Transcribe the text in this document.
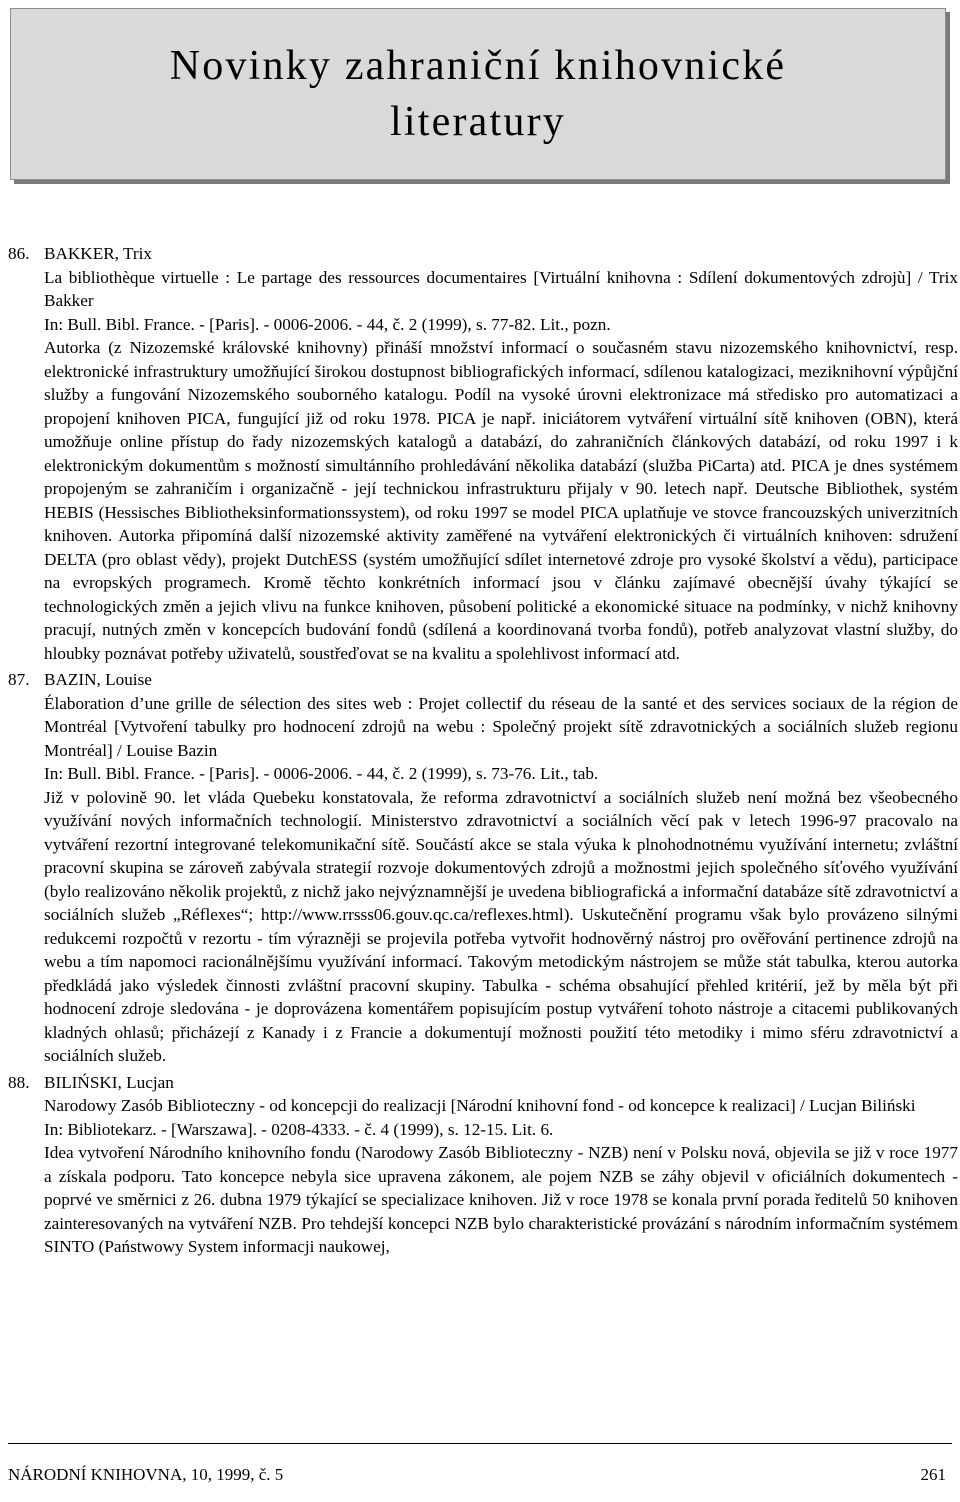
Novinky zahraniční knihovnické literatury
86. BAKKER, Trix

La bibliothèque virtuelle : Le partage des ressources documentaires [Virtuální knihovna : Sdílení dokumentových zdrojù] / Trix Bakker

In: Bull. Bibl. France. - [Paris]. - 0006-2006. - 44, č. 2 (1999), s. 77-82. Lit., pozn.

Autorka (z Nizozemské královské knihovny) přináší množství informací o současném stavu nizozemského knihovnictví, resp. elektronické infrastruktury umožňující širokou dostupnost bibliografických informací, sdílenou katalogizaci, meziknihovní výpůjční služby a fungování Nizozemského souborného katalogu. Podíl na vysoké úrovni elektronizace má středisko pro automatizaci a propojení knihoven PICA, fungující již od roku 1978. PICA je např. iniciátorem vytváření virtuální sítě knihoven (OBN), která umožňuje online přístup do řady nizozemských katalogů a databází, do zahraničních článkových databází, od roku 1997 i k elektronickým dokumentům s možností simultánního prohledávání několika databází (služba PiCarta) atd. PICA je dnes systémem propojeným se zahraničím i organizačně - její technickou infrastrukturu přijaly v 90. letech např. Deutsche Bibliothek, systém HEBIS (Hessisches Bibliotheksinformationssystem), od roku 1997 se model PICA uplatňuje ve stovce francouzských univerzitních knihoven. Autorka připomíná další nizozemské aktivity zaměřené na vytváření elektronických či virtuálních knihoven: sdružení DELTA (pro oblast vědy), projekt DutchESS (systém umožňující sdílet internetové zdroje pro vysoké školství a vědu), participace na evropských programech. Kromě těchto konkrétních informací jsou v článku zajímavé obecnější úvahy týkající se technologických změn a jejich vlivu na funkce knihoven, působení politické a ekonomické situace na podmínky, v nichž knihovny pracují, nutných změn v koncepcích budování fondů (sdílená a koordinovaná tvorba fondů), potřeb analyzovat vlastní služby, do hloubky poznávat potřeby uživatelů, soustřeďovat se na kvalitu a spolehlivost informací atd.

87. BAZIN, Louise

Élaboration d’une grille de sélection des sites web : Projet collectif du réseau de la santé et des services sociaux de la région de Montréal [Vytvoření tabulky pro hodnocení zdrojů na webu : Společný projekt sítě zdravotnických a sociálních služeb regionu Montréal] / Louise Bazin

In: Bull. Bibl. France. - [Paris]. - 0006-2006. - 44, č. 2 (1999), s. 73-76. Lit., tab.

Již v polovině 90. let vláda Quebeku konstatovala, že reforma zdravotnictví a sociálních služeb není možná bez všeobecného využívání nových informačních technologií. Ministerstvo zdravotnictví a sociálních věcí pak v letech 1996-97 pracovalo na vytváření rezortní integrované telekomunikační sítě. Součástí akce se stala výuka k plnohodnotnému využívání internetu; zvláštní pracovní skupina se zároveň zabývala strategií rozvoje dokumentových zdrojů a možnostmi jejich společného síťového využívání (bylo realizováno několik projektů, z nichž jako nejvýznamnější je uvedena bibliografická a informační databáze sítě zdravotnictví a sociálních služeb „Réflexes“; http://www.rrsss06.gouv.qc.ca/reflexes.html). Uskutečnění programu však bylo provázeno silnými redukcemi rozpočtů v rezortu - tím výrazněji se projevila potřeba vytvořit hodnověrný nástroj pro ověřování pertinence zdrojů na webu a tím napomoci racionálnějšímu využívání informací. Takovým metodickým nástrojem se může stát tabulka, kterou autorka předkládá jako výsledek činnosti zvláštní pracovní skupiny. Tabulka - schéma obsahující přehled kritérií, jež by měla být při hodnocení zdroje sledována - je doprovázena komentářem popisujícím postup vytváření tohoto nástroje a citacemi publikovaných kladných ohlasů; přicházejí z Kanady i z Francie a dokumentují možnosti použití této metodiky i mimo sféru zdravotnictví a sociálních služeb.

88. BILIŃSKI, Lucjan

Narodowy Zasób Biblioteczny - od koncepcji do realizacji [Národní knihovní fond - od koncepce k realizaci] / Lucjan Biliński

In: Bibliotekarz. - [Warszawa]. - 0208-4333. - č. 4 (1999), s. 12-15. Lit. 6.

Idea vytvoření Národního knihovního fondu (Narodowy Zasób Biblioteczny - NZB) není v Polsku nová, objevila se již v roce 1977 a získala podporu. Tato koncepce nebyla sice upravena zákonem, ale pojem NZB se záhy objevil v oficiálních dokumentech - poprvé ve směrnici z 26. dubna 1979 týkající se specializace knihoven. Již v roce 1978 se konala první porada ředitelů 50 knihoven zainteresovaných na vytváření NZB. Pro tehdejší koncepci NZB bylo charakteristické provázání s národním informačním systémem SINTO (Państwowy System informacji naukowej,

NÁRODNÍ KNIHOVNA, 10, 1999, č. 5	261
